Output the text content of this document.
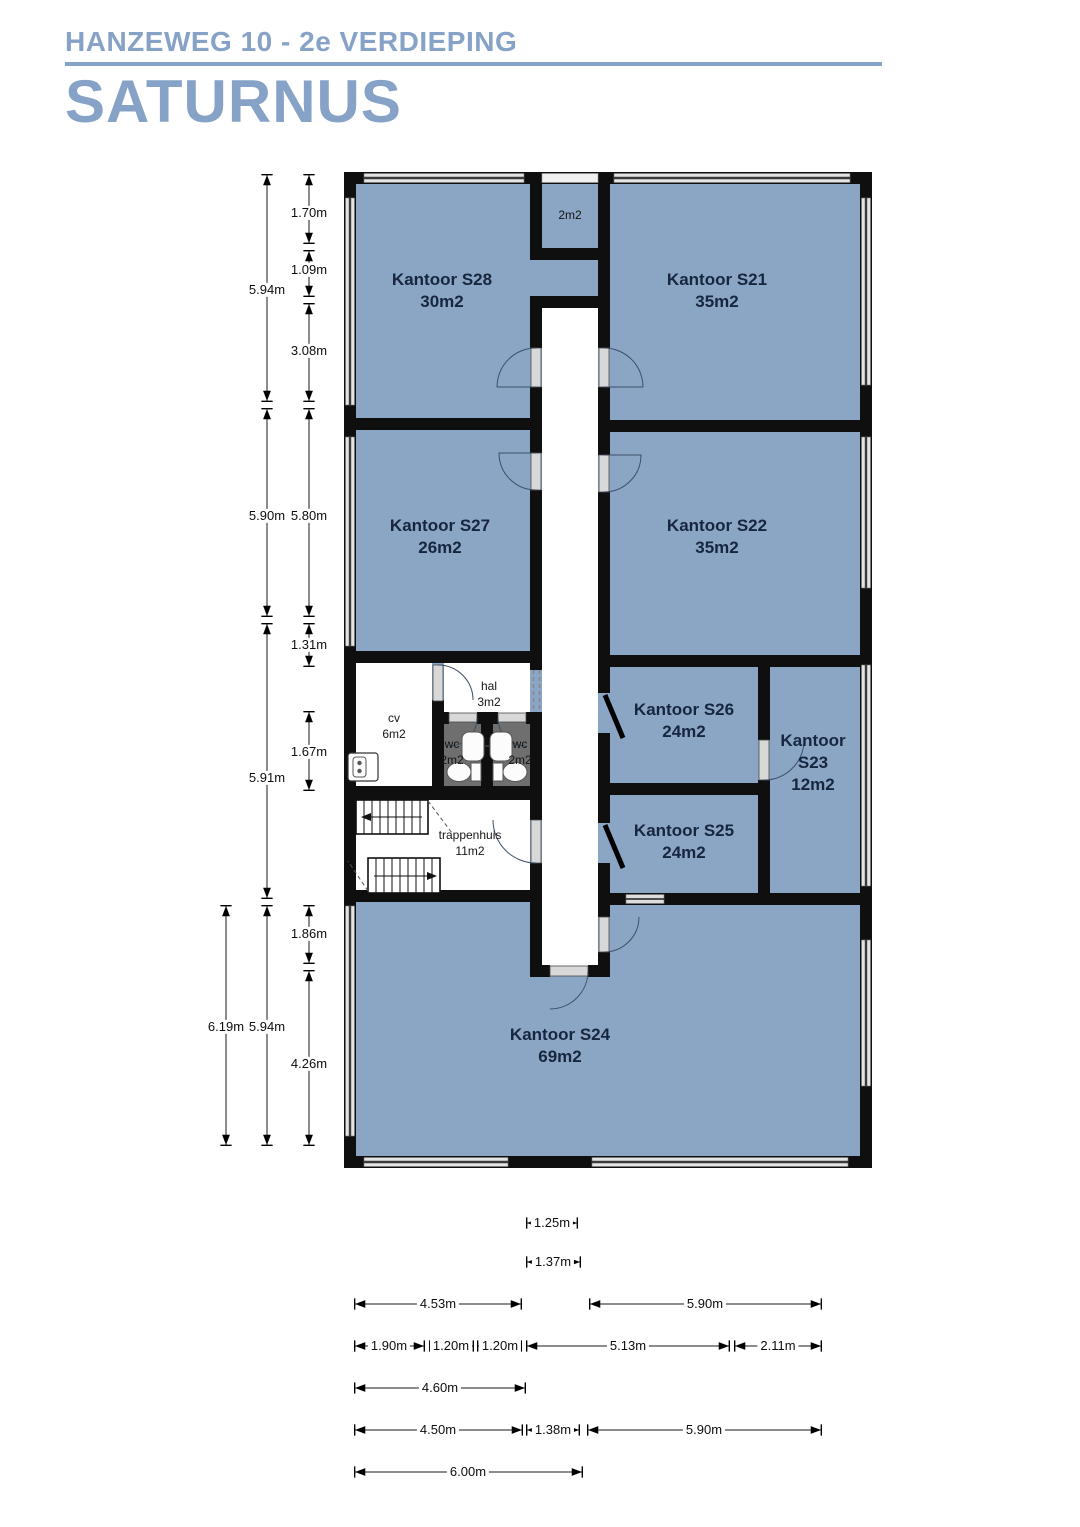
HANZEWEG 10 - 2e VERDIEPING
SATURNUS
Kantoor S28
30m2
Kantoor S21
35m2
Kantoor S27
26m2
Kantoor S22
35m2
Kantoor S26
24m2	Kantoor
S23
12m2
Kantoor S25
24m2
Kantoor S24
69m2
2m2
cv
6m2
hal
3m2
wc
2m2
wc
2m2
trappenhuis
11m2
1.70m
1.09m
3.08m
5.94m
5.90m 5.80m
1.31m
5.91m
1.67m
1.86m
6.19m 5.94m
4.26m
1.25m
1.37m
4.53m	5.90m
1.90m 1.20m 1.20m	5.13m	2.11m
4.60m
4.50m	1.38m	5.90m
6.00m
